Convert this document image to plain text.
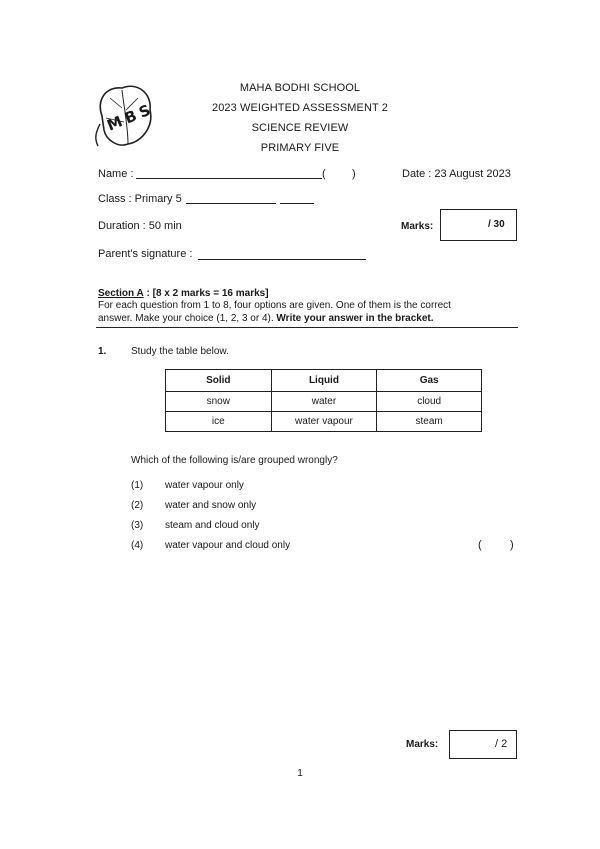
MBS
MAHA BODHI SCHOOL
2023 WEIGHTED ASSESSMENT 2
SCIENCE REVIEW
PRIMARY FIVE
Name :	( )	Date : 23 August 2023
Class : Primary 5
Duration : 50 min	Marks:	/ 30
Parent's signature :
Section A : [8 x 2 marks = 16 marks]
For each question from 1 to 8, four options are given. One of them is the correct
answer. Make your choice (1, 2, 3 or 4). Write your answer in the bracket.
1. Study the table below.
Solid	Liquid	Gas
snow	water	cloud
ice	water vapour	steam
Which of the following is/are grouped wrongly?
(1) water vapour only
(2) water and snow only
(3) steam and cloud only
(4) water vapour and cloud only	(	)
Marks:	/ 2
1
